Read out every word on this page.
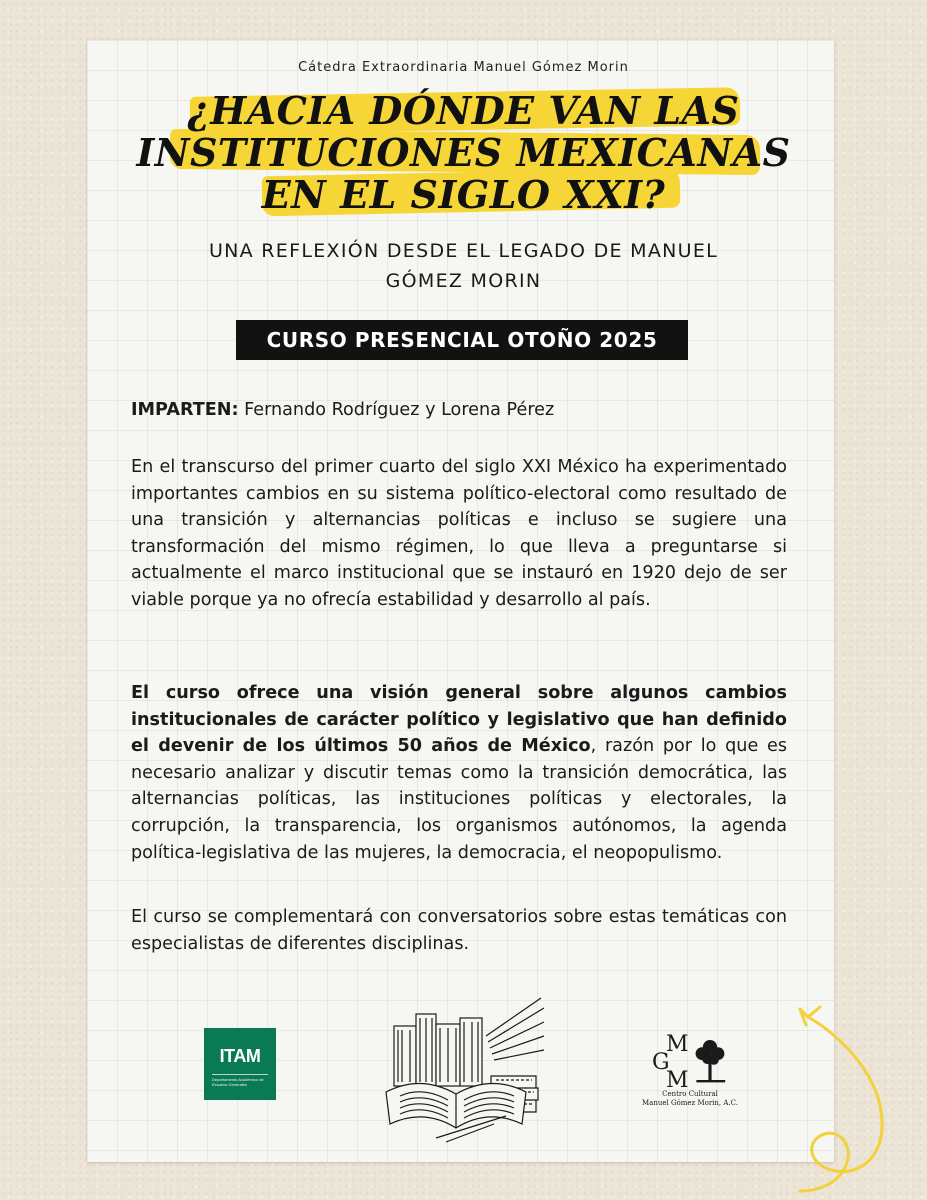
Cátedra Extraordinaria Manuel Gómez Morin
¿HACIA DÓNDE VAN LAS
INSTITUCIONES MEXICANAS
EN EL SIGLO XXI?
UNA REFLEXIÓN DESDE EL LEGADO DE MANUEL
GÓMEZ MORIN
CURSO PRESENCIAL OTOÑO 2025
IMPARTEN: Fernando Rodríguez y Lorena Pérez
En el transcurso del primer cuarto del siglo XXI México ha experimentado importantes cambios en su sistema político-electoral como resultado de una transición y alternancias políticas e incluso se sugiere una transformación del mismo régimen, lo que lleva a preguntarse si actualmente el marco institucional que se instauró en 1920 dejo de ser viable porque ya no ofrecía estabilidad y desarrollo al país.
El curso ofrece una visión general sobre algunos cambios institucionales de carácter político y legislativo que han definido el devenir de los últimos 50 años de México, razón por lo que es necesario analizar y discutir temas como la transición democrática, las alternancias políticas, las instituciones políticas y electorales, la corrupción, la transparencia, los organismos autónomos, la agenda política-legislativa de las mujeres, la democracia, el neopopulismo.
El curso se complementará con conversatorios sobre estas temáticas con especialistas de diferentes disciplinas.
ITAM
Departamento Académico de Estudios Generales
M
G
M
Centro Cultural
Manuel Gómez Morin, A.C.
